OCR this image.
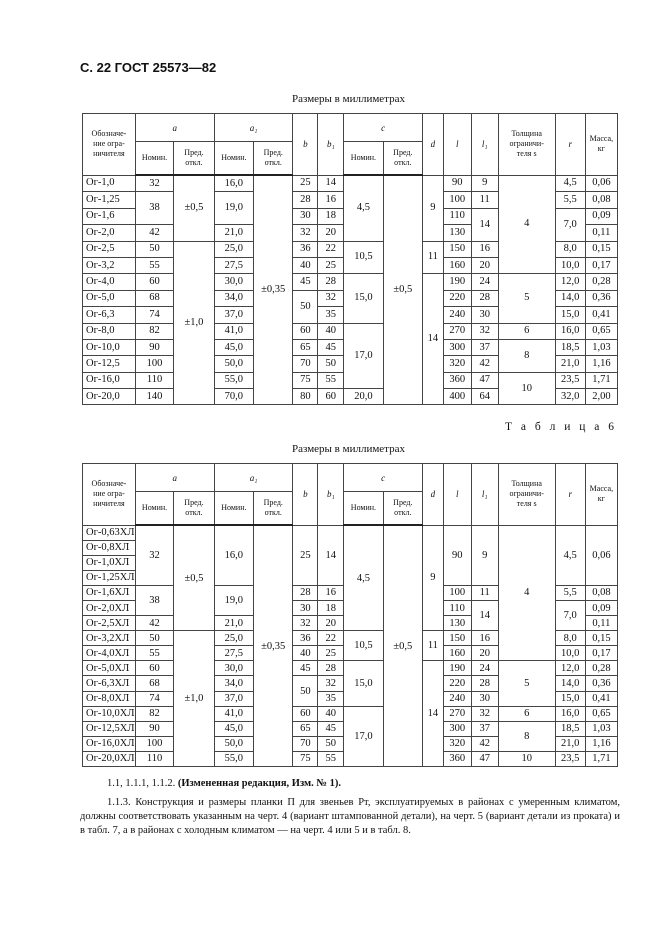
С. 22 ГОСТ 25573—82
Размеры в миллиметрах
Обозначе-
ние огра-
ничителя	a		a₁		b	b₁	c		d	l	l₁	Толщина
ограничи-
теля s	r	Масса,
кг
	Номин.	Пред.
откл.	Номин.	Пред.
откл.			Номин.	Пред.
откл.						
Ог-1,0	32	±0,5	16,0	±0,35	25	14	4,5	±0,5	9	90	9	4	4,5	0,06
Ог-1,25	38		19,0		28	16				100	11		5,5	0,08
Ог-1,6					30	18				110	14		7,0	0,09
Ог-2,0	42		21,0		32	20				130				0,11
Ог-2,5	50	±1,0	25,0		36	22	10,5		11	150	16		8,0	0,15
Ог-3,2	55		27,5		40	25				160	20		10,0	0,17
Ог-4,0	60		30,0		45	28	15,0		14	190	24	5	12,0	0,28
Ог-5,0	68		34,0		50	32				220	28		14,0	0,36
Ог-6,3	74		37,0			35				240	30		15,0	0,41
Ог-8,0	82		41,0		60	40	17,0			270	32	6	16,0	0,65
Ог-10,0	90		45,0		65	45				300	37	8	18,5	1,03
Ог-12,5	100		50,0		70	50				320	42		21,0	1,16
Ог-16,0	110		55,0		75	55				360	47	10	23,5	1,71
Ог-20,0	140		70,0		80	60	20,0			400	64		32,0	2,00
Т а б л и ц а 6
Размеры в миллиметрах
Обозначе-
ние огра-
ничителя	a		a₁		b	b₁	c		d	l	l₁	Толщина
ограничи-
теля s	r	Масса,
кг
	Номин.	Пред.
откл.	Номин.	Пред.
откл.			Номин.	Пред.
откл.						
Ог-0,63ХЛ	32	±0,5	16,0	±0,35	25	14	4,5	±0,5	9	90	9	4	4,5	0,06
Ог-0,8ХЛ														
Ог-1,0ХЛ														
Ог-1,25ХЛ														
Ог-1,6ХЛ	38		19,0		28	16				100	11		5,5	0,08
Ог-2,0ХЛ					30	18				110	14		7,0	0,09
Ог-2,5ХЛ	42		21,0		32	20				130				0,11
Ог-3,2ХЛ	50	±1,0	25,0		36	22	10,5		11	150	16		8,0	0,15
Ог-4,0ХЛ	55		27,5		40	25				160	20		10,0	0,17
Ог-5,0ХЛ	60		30,0		45	28	15,0		14	190	24	5	12,0	0,28
Ог-6,3ХЛ	68		34,0		50	32				220	28		14,0	0,36
Ог-8,0ХЛ	74		37,0			35				240	30		15,0	0,41
Ог-10,0ХЛ	82		41,0		60	40	17,0			270	32	6	16,0	0,65
Ог-12,5ХЛ	90		45,0		65	45				300	37	8	18,5	1,03
Ог-16,0ХЛ	100		50,0		70	50				320	42		21,0	1,16
Ог-20,0ХЛ	110		55,0		75	55				360	47	10	23,5	1,71
1.1, 1.1.1, 1.1.2. (Измененная редакция, Изм. № 1).
1.1.3. Конструкция и размеры планки П для звеньев Рт, эксплуатируемых в районах с умеренным климатом, должны соответствовать указанным на черт. 4 (вариант штампованной детали), на черт. 5 (вариант детали из проката) и в табл. 7, а в районах с холодным климатом — на черт. 4 или 5 и в табл. 8.
